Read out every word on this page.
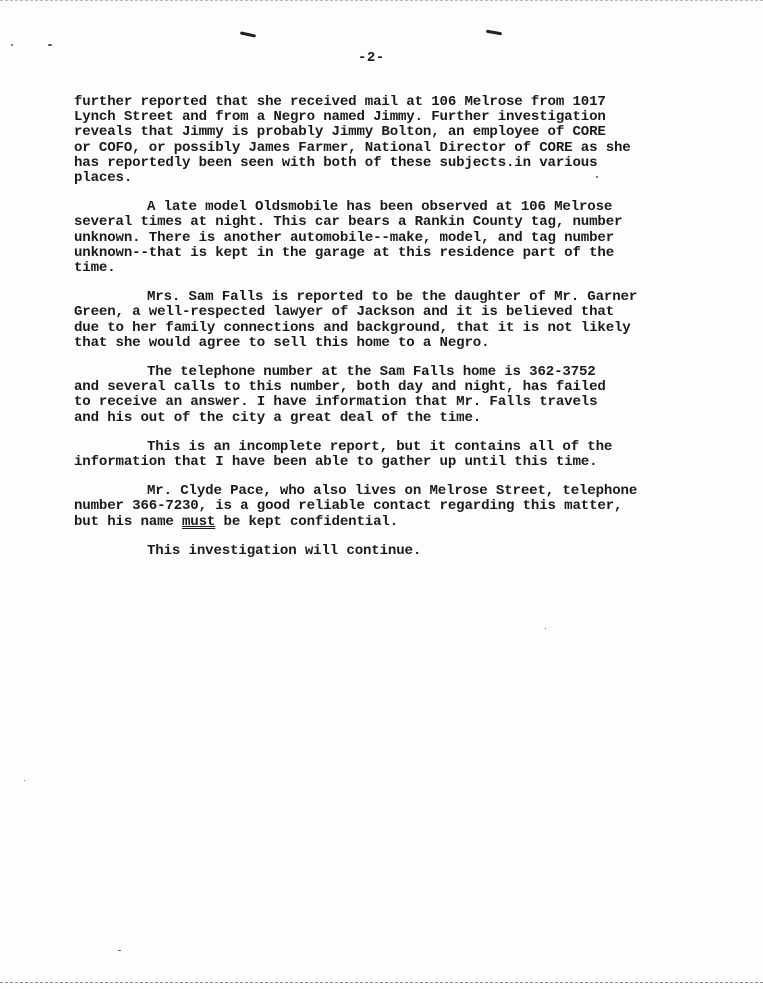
-2-

further reported that she received mail at 106 Melrose from 1017
Lynch Street and from a Negro named Jimmy. Further investigation
reveals that Jimmy is probably Jimmy Bolton, an employee of CORE
or COFO, or possibly James Farmer, National Director of CORE as she
has reportedly been seen with both of these subjects.in various
places.

A late model Oldsmobile has been observed at 106 Melrose
several times at night. This car bears a Rankin County tag, number
unknown. There is another automobile--make, model, and tag number
unknown--that is kept in the garage at this residence part of the
time.

Mrs. Sam Falls is reported to be the daughter of Mr. Garner
Green, a well-respected lawyer of Jackson and it is believed that
due to her family connections and background, that it is not likely
that she would agree to sell this home to a Negro.

The telephone number at the Sam Falls home is 362-3752
and several calls to this number, both day and night, has failed
to receive an answer. I have information that Mr. Falls travels
and his out of the city a great deal of the time.

This is an incomplete report, but it contains all of the
information that I have been able to gather up until this time.

Mr. Clyde Pace, who also lives on Melrose Street, telephone
number 366-7230, is a good reliable contact regarding this matter,
but his name must be kept confidential.

This investigation will continue.
